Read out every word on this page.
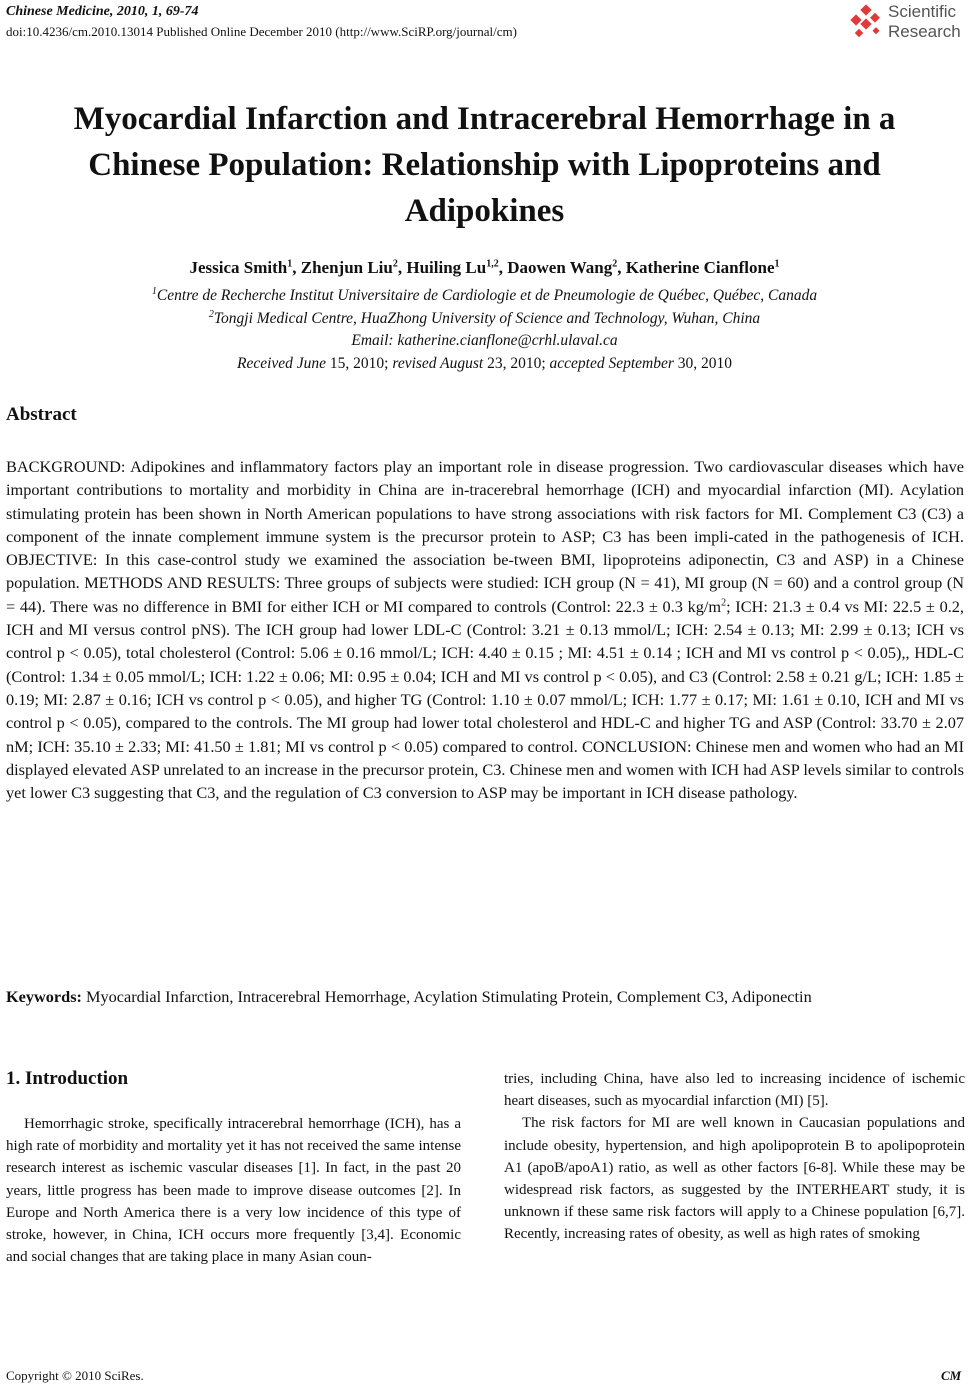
Chinese Medicine, 2010, 1, 69-74
doi:10.4236/cm.2010.13014 Published Online December 2010 (http://www.SciRP.org/journal/cm)
Scientific
Research
Myocardial Infarction and Intracerebral Hemorrhage in a
Chinese Population: Relationship with Lipoproteins and
Adipokines
Jessica Smith$^1$, Zhenjun Liu$^2$, Huiling Lu$^{1,2}$, Daowen Wang$^2$, Katherine Cianflone$^1$
$^1$Centre de Recherche Institut Universitaire de Cardiologie et de Pneumologie de Québec, Québec, Canada
$^2$Tongji Medical Centre, HuaZhong University of Science and Technology, Wuhan, China
Email: katherine.cianflone@crhl.ulaval.ca
Received June 15, 2010; revised August 23, 2010; accepted September 30, 2010
Abstract
BACKGROUND: Adipokines and inflammatory factors play an important role in disease progression. Two cardiovascular diseases which have important contributions to mortality and morbidity in China are in-tracerebral hemorrhage (ICH) and myocardial infarction (MI). Acylation stimulating protein has been shown in North American populations to have strong associations with risk factors for MI. Complement C3 (C3) a component of the innate complement immune system is the precursor protein to ASP; C3 has been impli-cated in the pathogenesis of ICH. OBJECTIVE: In this case-control study we examined the association be-tween BMI, lipoproteins adiponectin, C3 and ASP) in a Chinese population. METHODS AND RESULTS: Three groups of subjects were studied: ICH group (N = 41), MI group (N = 60) and a control group (N = 44). There was no difference in BMI for either ICH or MI compared to controls (Control: 22.3 ± 0.3 $kg/m^2$; ICH: 21.3 ± 0.4 vs MI: 22.5 ± 0.2, ICH and MI versus control pNS). The ICH group had lower LDL-C (Control: 3.21 ± 0.13 mmol/L; ICH: 2.54 ± 0.13; MI: 2.99 ± 0.13; ICH vs control p < 0.05), total cholesterol (Control: 5.06 ± 0.16 mmol/L; ICH: 4.40 ± 0.15 ; MI: 4.51 ± 0.14 ; ICH and MI vs control p < 0.05),, HDL-C (Control: 1.34 ± 0.05 mmol/L; ICH: 1.22 ± 0.06; MI: 0.95 ± 0.04; ICH and MI vs control p < 0.05), and C3 (Control: 2.58 ± 0.21 g/L; ICH: 1.85 ± 0.19; MI: 2.87 ± 0.16; ICH vs control p < 0.05), and higher TG (Control: 1.10 ± 0.07 mmol/L; ICH: 1.77 ± 0.17; MI: 1.61 ± 0.10, ICH and MI vs control p < 0.05), compared to the controls. The MI group had lower total cholesterol and HDL-C and higher TG and ASP (Control: 33.70 ± 2.07 nM; ICH: 35.10 ± 2.33; MI: 41.50 ± 1.81; MI vs control p < 0.05) compared to control. CONCLUSION: Chinese men and women who had an MI displayed elevated ASP unrelated to an increase in the precursor protein, C3. Chinese men and women with ICH had ASP levels similar to controls yet lower C3 suggesting that C3, and the regulation of C3 conversion to ASP may be important in ICH disease pathology.
Keywords: Myocardial Infarction, Intracerebral Hemorrhage, Acylation Stimulating Protein, Complement C3, Adiponectin
1. Introduction

Hemorrhagic stroke, specifically intracerebral hemorrhage (ICH), has a high rate of morbidity and mortality yet it has not received the same intense research interest as ischemic vascular diseases [1]. In fact, in the past 20 years, little progress has been made to improve disease outcomes [2]. In Europe and North America there is a very low incidence of this type of stroke, however, in China, ICH occurs more frequently [3,4]. Economic and social changes that are taking place in many Asian coun-

tries, including China, have also led to increasing incidence of ischemic heart diseases, such as myocardial infarction (MI) [5].

The risk factors for MI are well known in Caucasian populations and include obesity, hypertension, and high apolipoprotein B to apolipoprotein A1 (apoB/apoA1) ratio, as well as other factors [6-8]. While these may be widespread risk factors, as suggested by the INTERHEART study, it is unknown if these same risk factors will apply to a Chinese population [6,7]. Recently, increasing rates of obesity, as well as high rates of smoking

Copyright © 2010 SciRes.	CM
